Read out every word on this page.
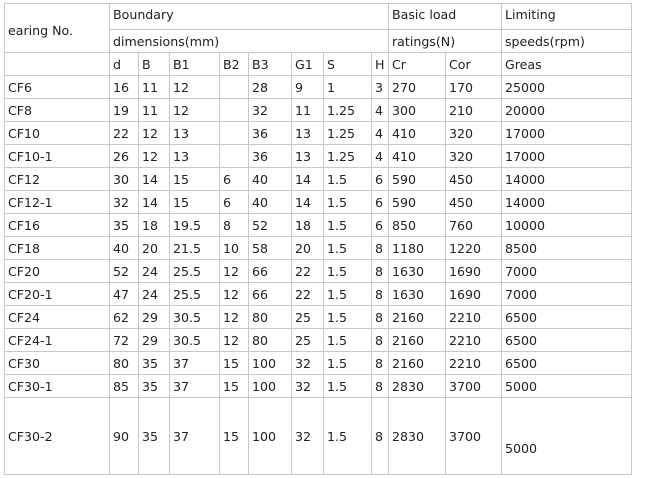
earing No.	Boundary								Basic load		Limiting
	dimensions(mm)								ratings(N)		speeds(rpm)
	d	B	B1	B2	B3	G1	S	H	Cr	Cor	Greas
CF6	16	11	12		28	9	1	3	270	170	25000
CF8	19	11	12		32	11	1.25	4	300	210	20000
CF10	22	12	13		36	13	1.25	4	410	320	17000
CF10-1	26	12	13		36	13	1.25	4	410	320	17000
CF12	30	14	15	6	40	14	1.5	6	590	450	14000
CF12-1	32	14	15	6	40	14	1.5	6	590	450	14000
CF16	35	18	19.5	8	52	18	1.5	6	850	760	10000
CF18	40	20	21.5	10	58	20	1.5	8	1180	1220	8500
CF20	52	24	25.5	12	66	22	1.5	8	1630	1690	7000
CF20-1	47	24	25.5	12	66	22	1.5	8	1630	1690	7000
CF24	62	29	30.5	12	80	25	1.5	8	2160	2210	6500
CF24-1	72	29	30.5	12	80	25	1.5	8	2160	2210	6500
CF30	80	35	37	15	100	32	1.5	8	2160	2210	6500
CF30-1	85	35	37	15	100	32	1.5	8	2830	3700	5000
CF30-2	90	35	37	15	100	32	1.5	8	2830	3700	5000
